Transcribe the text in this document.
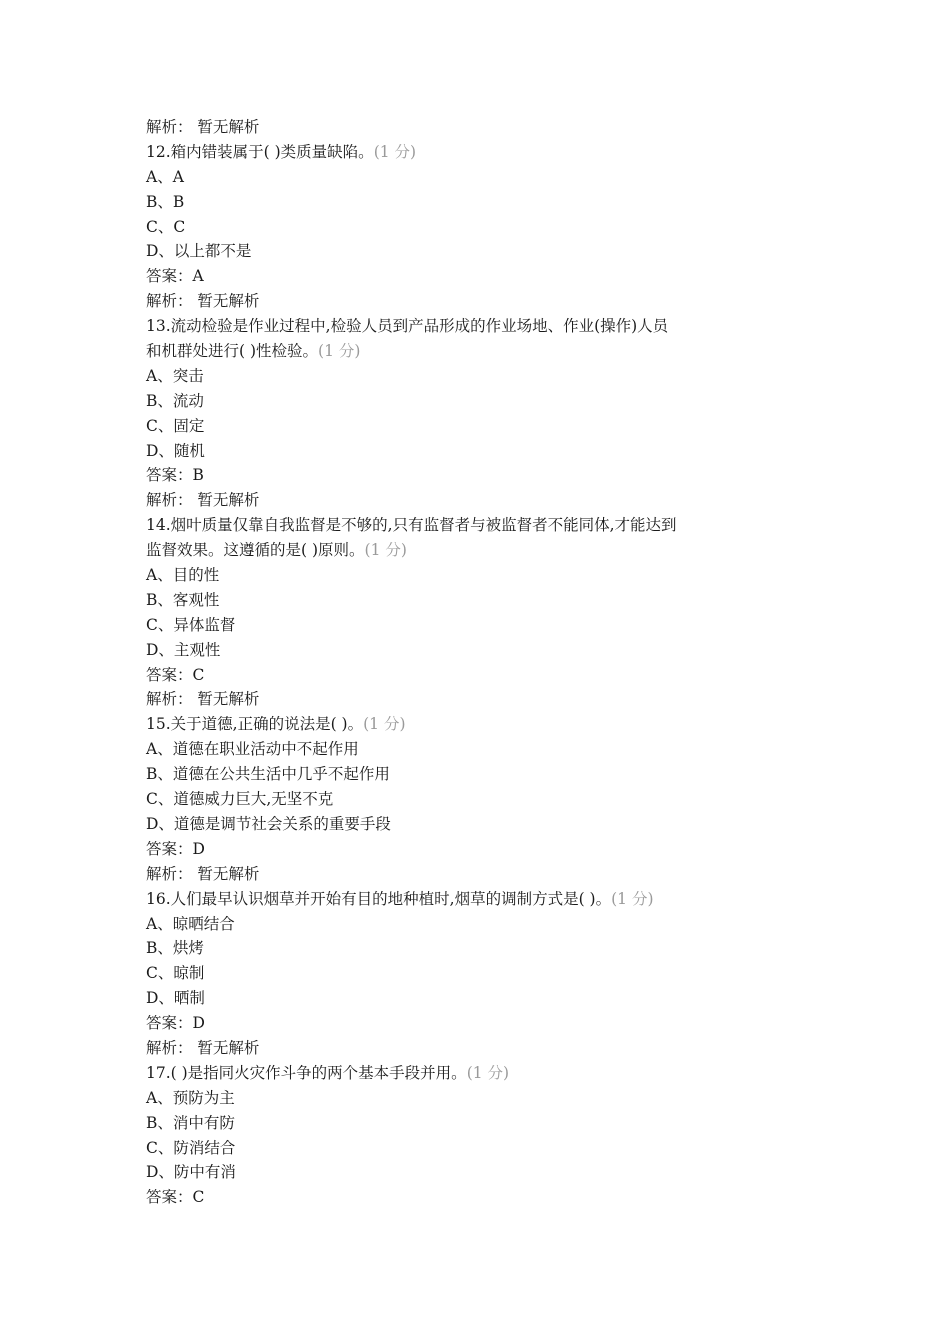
解析： 暂无解析
12.箱内错装属于( )类质量缺陷。(1 分)
A、A
B、B
C、C
D、以上都不是
答案：A
解析： 暂无解析
13.流动检验是作业过程中,检验人员到产品形成的作业场地、作业(操作)人员
和机群处进行( )性检验。(1 分)
A、突击
B、流动
C、固定
D、随机
答案：B
解析： 暂无解析
14.烟叶质量仅靠自我监督是不够的,只有监督者与被监督者不能同体,才能达到
监督效果。这遵循的是( )原则。(1 分)
A、目的性
B、客观性
C、异体监督
D、主观性
答案：C
解析： 暂无解析
15.关于道德,正确的说法是( )。(1 分)
A、道德在职业活动中不起作用
B、道德在公共生活中几乎不起作用
C、道德威力巨大,无坚不克
D、道德是调节社会关系的重要手段
答案：D
解析： 暂无解析
16.人们最早认识烟草并开始有目的地种植时,烟草的调制方式是( )。(1 分)
A、晾晒结合
B、烘烤
C、晾制
D、晒制
答案：D
解析： 暂无解析
17.( )是指同火灾作斗争的两个基本手段并用。(1 分)
A、预防为主
B、消中有防
C、防消结合
D、防中有消
答案：C
